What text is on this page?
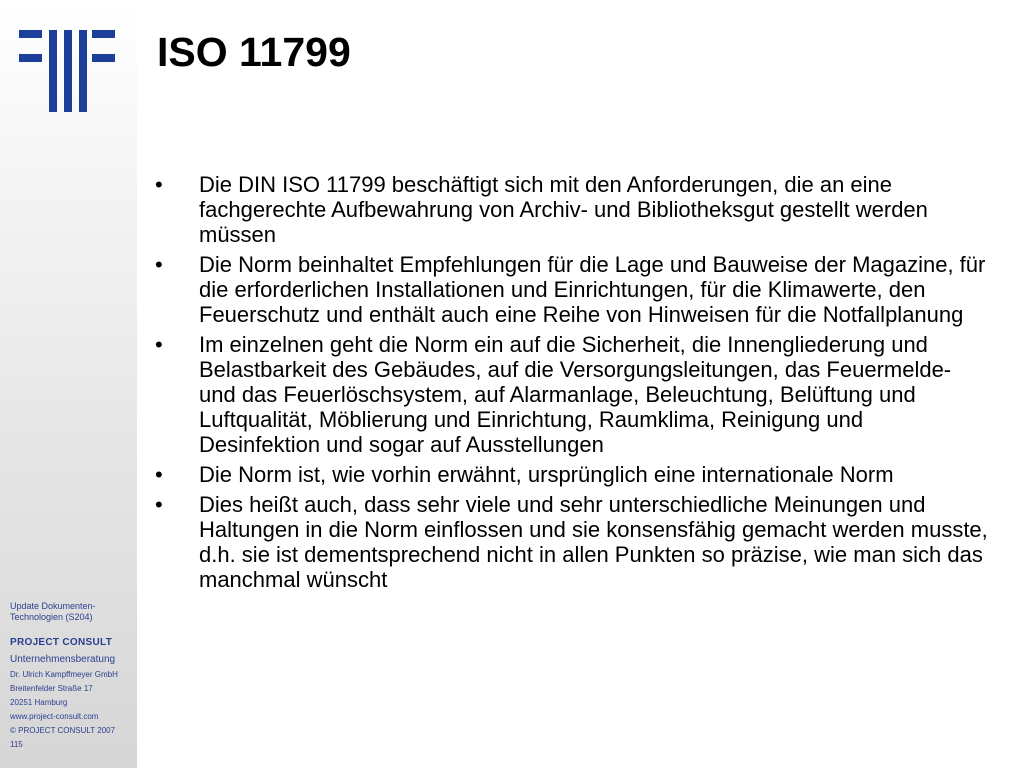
Update Dokumenten-
Technologien (S204)
PROJECT CONSULT
Unternehmensberatung
Dr. Ulrich Kampffmeyer GmbH
Breitenfelder Straße 17
20251 Hamburg
www.project-consult.com
© PROJECT CONSULT 2007
115
ISO 11799
• Die DIN ISO 11799 beschäftigt sich mit den Anforderungen, die an eine fachgerechte Aufbewahrung von Archiv- und Bibliotheksgut gestellt werden müssen
• Die Norm beinhaltet Empfehlungen für die Lage und Bauweise der Magazine, für die erforderlichen Installationen und Einrichtungen, für die Klimawerte, den Feuerschutz und enthält auch eine Reihe von Hinweisen für die Notfallplanung
• Im einzelnen geht die Norm ein auf die Sicherheit, die Innengliederung und Belastbarkeit des Gebäudes, auf die Versorgungsleitungen, das Feuermelde- und das Feuerlöschsystem, auf Alarmanlage, Beleuchtung, Belüftung und Luftqualität, Möblierung und Einrichtung, Raumklima, Reinigung und Desinfektion und sogar auf Ausstellungen
• Die Norm ist, wie vorhin erwähnt, ursprünglich eine internationale Norm
• Dies heißt auch, dass sehr viele und sehr unterschiedliche Meinungen und Haltungen in die Norm einflossen und sie konsensfähig gemacht werden musste, d.h. sie ist dementsprechend nicht in allen Punkten so präzise, wie man sich das manchmal wünscht
